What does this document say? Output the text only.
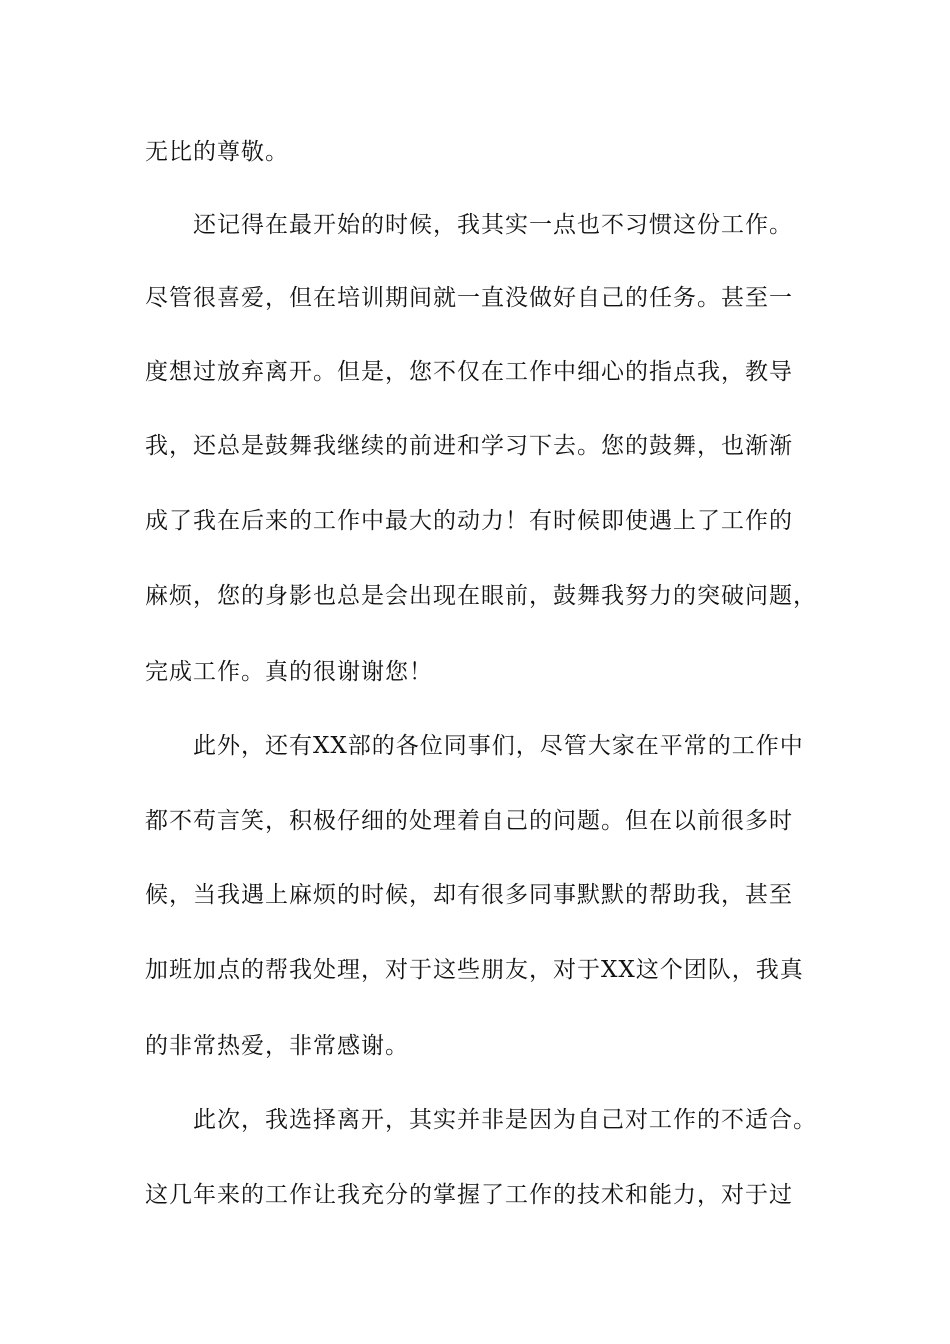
无比的尊敬。
还记得在最开始的时候，我其实一点也不习惯这份工作。
尽管很喜爱，但在培训期间就一直没做好自己的任务。甚至一
度想过放弃离开。但是，您不仅在工作中细心的指点我，教导
我，还总是鼓舞我继续的前进和学习下去。您的鼓舞，也渐渐
成了我在后来的工作中最大的动力！有时候即使遇上了工作的
麻烦，您的身影也总是会出现在眼前，鼓舞我努力的突破问题，
完成工作。真的很谢谢您！
此外，还有XX部的各位同事们，尽管大家在平常的工作中
都不苟言笑，积极仔细的处理着自己的问题。但在以前很多时
候，当我遇上麻烦的时候，却有很多同事默默的帮助我，甚至
加班加点的帮我处理，对于这些朋友，对于XX这个团队，我真
的非常热爱，非常感谢。
此次，我选择离开，其实并非是因为自己对工作的不适合。
这几年来的工作让我充分的掌握了工作的技术和能力，对于过
